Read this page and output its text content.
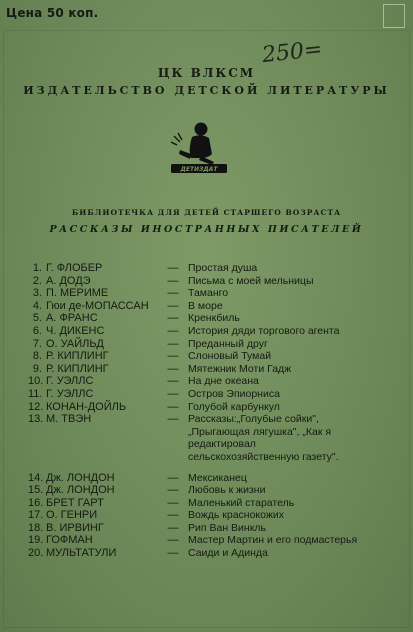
Цена 50 коп.
250=
ЦК ВЛКСМ
ИЗДАТЕЛЬСТВО ДЕТСКОЙ ЛИТЕРАТУРЫ
ДЕТИЗДАТ
БИБЛИОТЕЧКА ДЛЯ ДЕТЕЙ СТАРШЕГО ВОЗРАСТА
РАССКАЗЫ ИНОСТРАННЫХ ПИСАТЕЛЕЙ
1. Г. ФЛОБЕР	— Простая душа
2. А. ДОДЭ	— Письма с моей мельницы
3. П. МЕРИМЕ	— Таманго
4. Гюи де-МОПАССАН	— В море
5. А. ФРАНС	— Кренкбиль
6. Ч. ДИКЕНС	— История дяди торгового агента
7. О. УАЙЛЬД	— Преданный друг
8. Р. КИПЛИНГ	— Слоновый Тумай
9. Р. КИПЛИНГ	— Мятежник Моти Гадж
10. Г. УЭЛЛС	— На дне океана
11. Г. УЭЛЛС	— Остров Эпиорниса
12. КОНАН-ДОЙЛЬ	— Голубой карбункул
13. М. ТВЭН	— Рассказы:„Голубые сойки",„Прыгающая лягушка", „Как я редактировал сельскохозяйственную газету".
14. Дж. ЛОНДОН	— Мексиканец
15. Дж. ЛОНДОН	— Любовь к жизни
16. БРЕТ ГАРТ	— Маленький старатель
17. О. ГЕНРИ	— Вождь краснокожих
18. В. ИРВИНГ	— Рип Ван Винкль
19. ГОФМАН	— Мастер Мартин и его подмастерья
20. МУЛЬТАТУЛИ	— Саиди и Адинда
